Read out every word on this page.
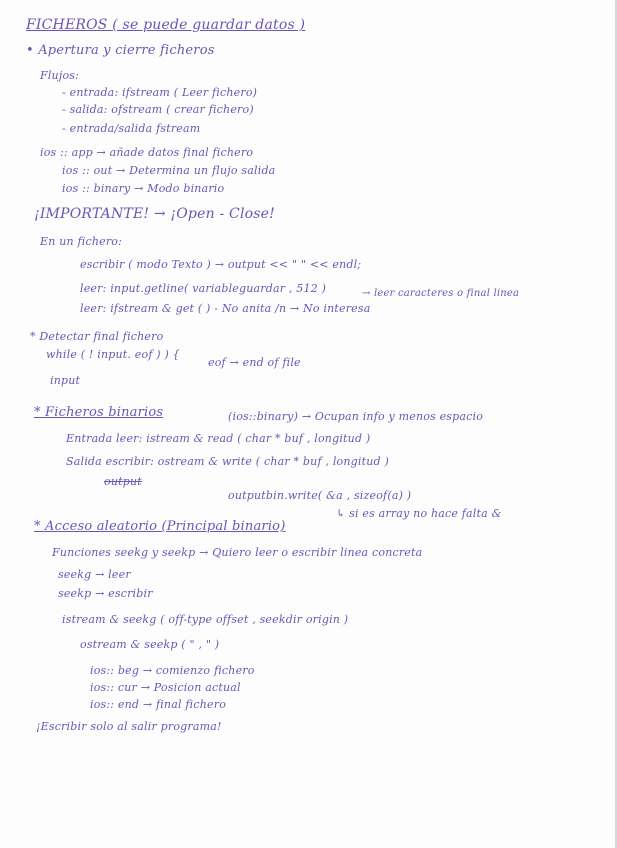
FICHEROS ( se puede guardar datos )
• Apertura y cierre ficheros
Flujos:
- entrada: ifstream ( Leer fichero)
- salida: ofstream ( crear fichero)
- entrada/salida fstream
ios :: app → añade datos final fichero
ios :: out → Determina un flujo salida
ios :: binary → Modo binario
¡IMPORTANTE! → ¡Open - Close!
En un fichero:
escribir ( modo Texto ) → output << " " << endl;
leer: input.getline( variableguardar , 512 )	→ leer caracteres o final linea
leer: ifstream & get ( ) - No anita /n → No interesa
* Detectar final fichero
while ( ! input. eof ) ) {
eof → end of file
input
* Ficheros binarios	(ios::binary) → Ocupan info y menos espacio
Entrada leer: istream & read ( char * buf , longitud )
Salida escribir: ostream & write ( char * buf , longitud )
output
outputbin.write( &a , sizeof(a) )
↳ si es array no hace falta &
* Acceso aleatorio (Principal binario)
Funciones seekg y seekp → Quiero leer o escribir linea concreta
seekg → leer
seekp → escribir
istream & seekg ( off-type offset , seekdir origin )
ostream & seekp ( " , " )
ios:: beg → comienzo fichero
ios:: cur → Posicion actual
ios:: end → final fichero
¡Escribir solo al salir programa!
